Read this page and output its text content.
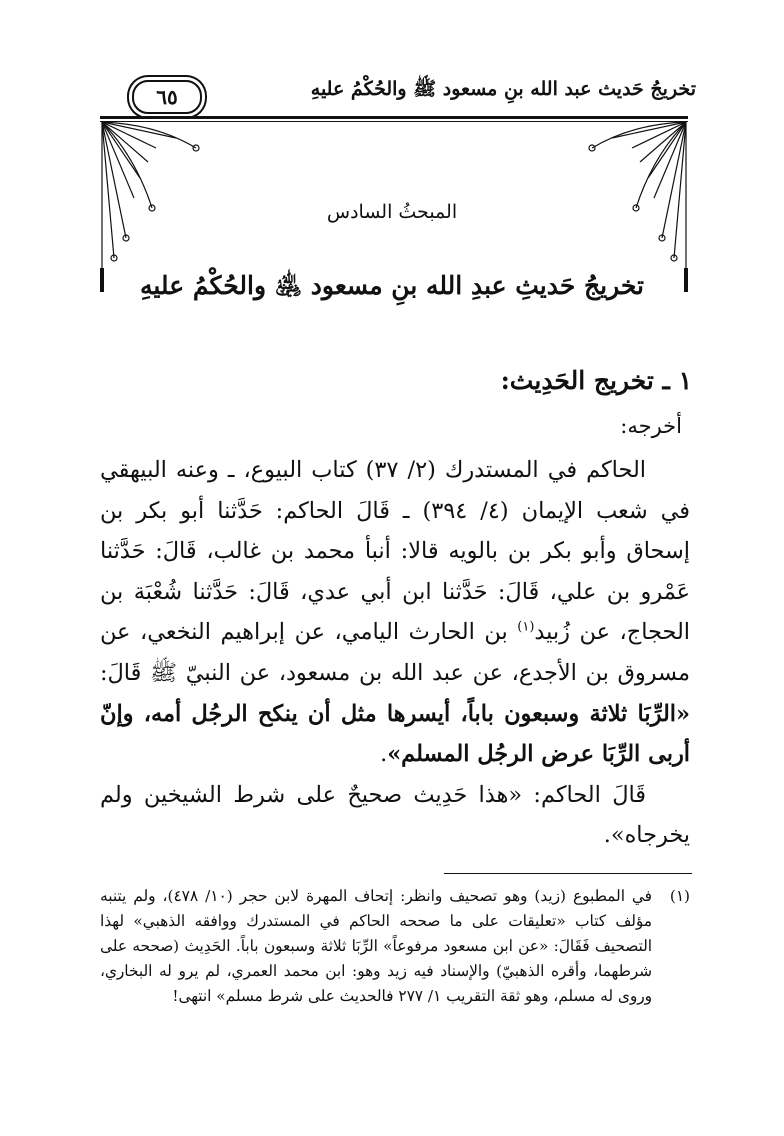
تخريجُ حَديث عبد الله بنِ مسعود ﷺ والحُكْمُ عليهِ
٦٥
المبحثُ السادس
تخريجُ حَديثِ عبدِ الله بنِ مسعود ﵁ والحُكْمُ عليهِ
١ ـ تخريج الحَدِيث:
أخرجه:

الحاكم في المستدرك (٢/ ٣٧) كتاب البيوع، ـ وعنه البيهقي في شعب الإيمان (٤/ ٣٩٤) ـ قَالَ الحاكم: حَدَّثنا أبو بكر بن إسحاق وأبو بكر بن بالويه قالا: أنبأ محمد بن غالب، قَالَ: حَدَّثنا عَمْرو بن علي، قَالَ: حَدَّثنا ابن أبي عدي، قَالَ: حَدَّثنا شُعْبَة بن الحجاج، عن زُبيد$^{(١)}$ بن الحارث اليامي، عن إبراهيم النخعي، عن مسروق بن الأجدع، عن عبد الله بن مسعود، عن النبيّ ﷺ قَالَ: «الرِّبَا ثلاثة وسبعون باباً، أيسرها مثل أن ينكح الرجُل أمه، وإنّ أربى الرِّبَا عرض الرجُل المسلم».

قَالَ الحاكم: «هذا حَدِيث صحيحٌ على شرط الشيخين ولم يخرجاه».

(١)
في المطبوع (زيد) وهو تصحيف وانظر: إتحاف المهرة لابن حجر (١٠/ ٤٧٨)، ولم يتنبه مؤلف كتاب «تعليقات على ما صححه الحاكم في المستدرك ووافقه الذهبي» لهذا التصحيف فَقَالَ: «عن ابن مسعود مرفوعاً» الرِّبَا ثلاثة وسبعون باباً. الحَدِيث (صححه على شرطهما، وأقره الذهبيّ) والإسناد فيه زيد وهو: ابن محمد العمري، لم يرو له البخاري، وروى له مسلم، وهو ثقة التقريب ١/ ٢٧٧ فالحديث على شرط مسلم» انتهى!
